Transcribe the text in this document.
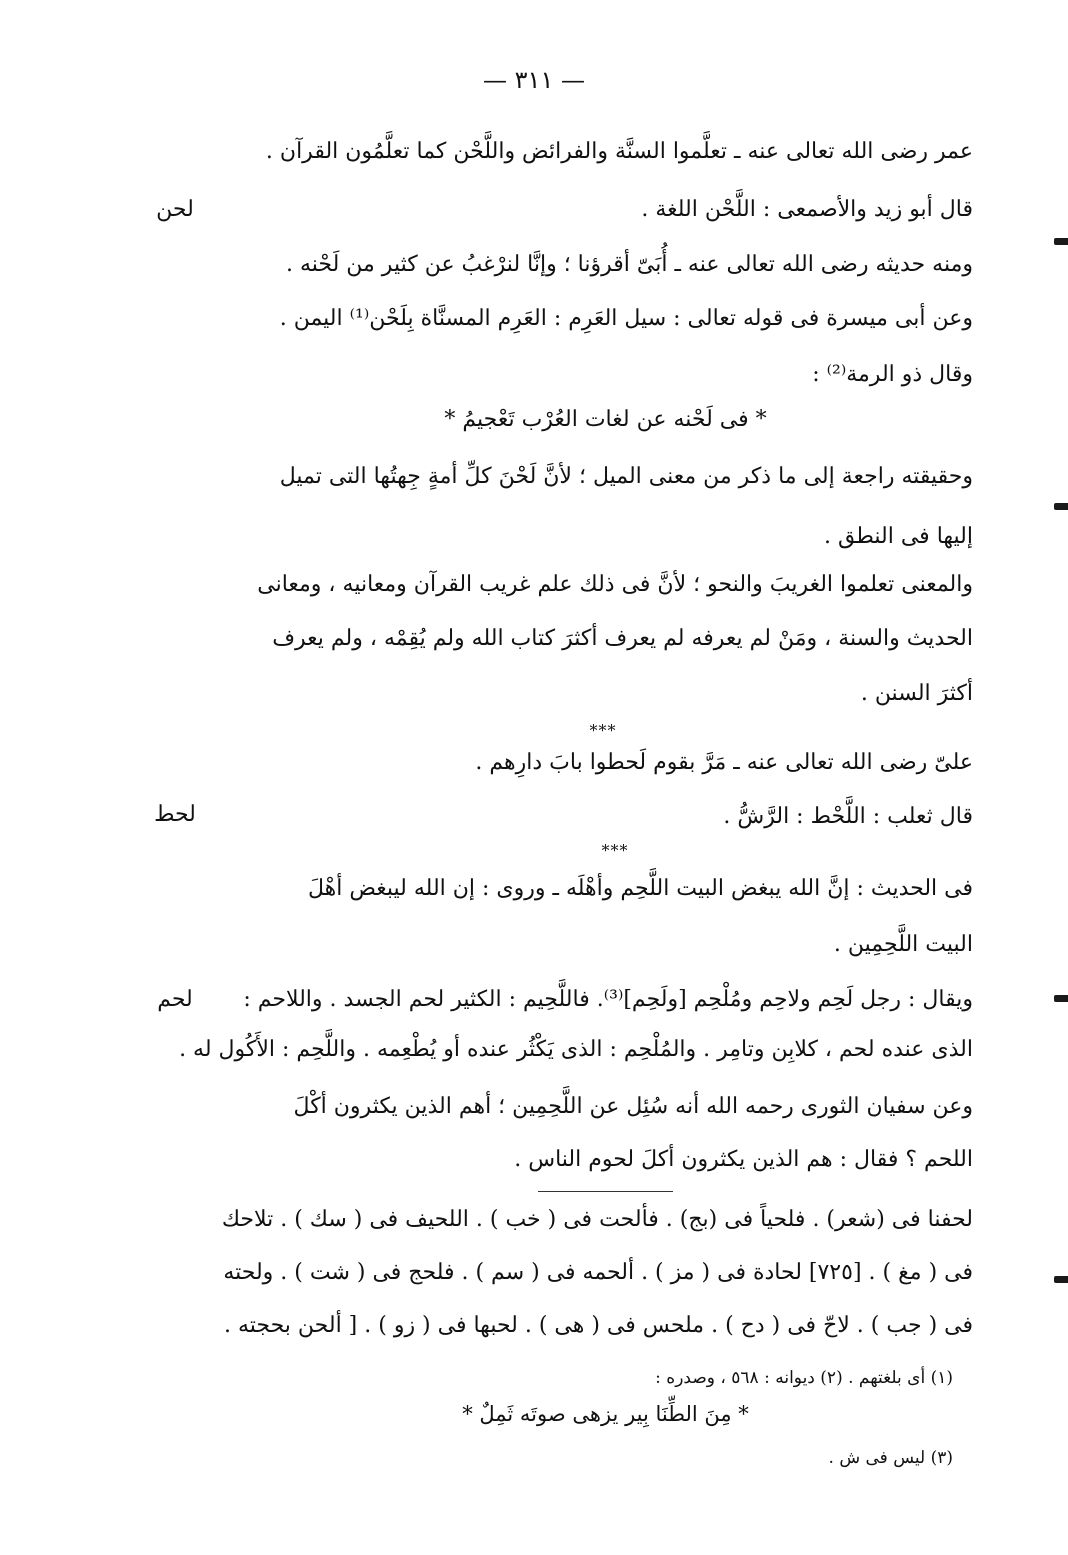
— ٣١١ —
عمر رضى الله تعالى عنه ـ تعلَّموا السنَّة والفرائض واللَّحْن كما تعلَّمُون القرآن .
قال أبو زيد والأصمعى : اللَّحْن اللغة .
ومنه حديثه رضى الله تعالى عنه ـ أُبَىّ أقرؤنا ؛ وإنَّا لنرْغبُ عن كثير من لَحْنه .
وعن أبى ميسرة فى قوله تعالى : سيل العَرِم : العَرِم المسنَّاة بِلَحْن⁽¹⁾ اليمن .
وقال ذو الرمة⁽²⁾ :
* فى لَحْنه عن لغات العُرْب تَعْجيمُ *
وحقيقته راجعة إلى ما ذكر من معنى الميل ؛ لأنَّ لَحْنَ كلِّ أمةٍ جِهتُها التى تميل
إليها فى النطق .
والمعنى تعلموا الغريبَ والنحو ؛ لأنَّ فى ذلك علم غريب القرآن ومعانيه ، ومعانى
الحديث والسنة ، ومَنْ لم يعرفه لم يعرف أكثرَ كتاب الله ولم يُقِمْه ، ولم يعرف
أكثرَ السنن .
***
علىّ رضى الله تعالى عنه ـ مَرَّ بقوم لَحطوا بابَ دارِهم .
قال ثعلب : اللَّحْط : الرَّشُّ .
***
فى الحديث : إنَّ الله يبغض البيت اللَّحِم وأهْلَه ـ وروى : إن الله ليبغض أهْلَ
البيت اللَّحِمِين .
ويقال : رجل لَحِم ولاحِم ومُلْحِم [ولَحِم]⁽³⁾. فاللَّحِيم : الكثير لحم الجسد . واللاحم :
الذى عنده لحم ، كلابِن وتامِر . والمُلْحِم : الذى يَكْثُر عنده أو يُطْعِمه . واللَّحِم : الأَكُول له .
وعن سفيان الثورى رحمه الله أنه سُئِل عن اللَّحِمِين ؛ أهم الذين يكثرون أكْلَ
اللحم ؟ فقال : هم الذين يكثرون أكلَ لحوم الناس .
لحفنا فى (شعر) . فلحياً فى (بج) . فألحت فى ( خب ) . اللحيف فى ( سك ) . تلاحك
فى ( مغ ) . [٧٢٥] لحادة فى ( مز ) . ألحمه فى ( سم ) . فلحج فى ( شت ) . ولحته
فى ( جب ) . لاحّ فى ( دح ) . ملحس فى ( هى ) . لحبها فى ( زو ) . [ ألحن بحجته .
لحن
لحط
لحم
(١) أى بلغتهم . (٢) ديوانه : ٥٦٨ ، وصدره :
* مِنَ الطِّنَا بِير يزهى صوتَه ثَمِلٌ *
(٣) ليس فى ش .
